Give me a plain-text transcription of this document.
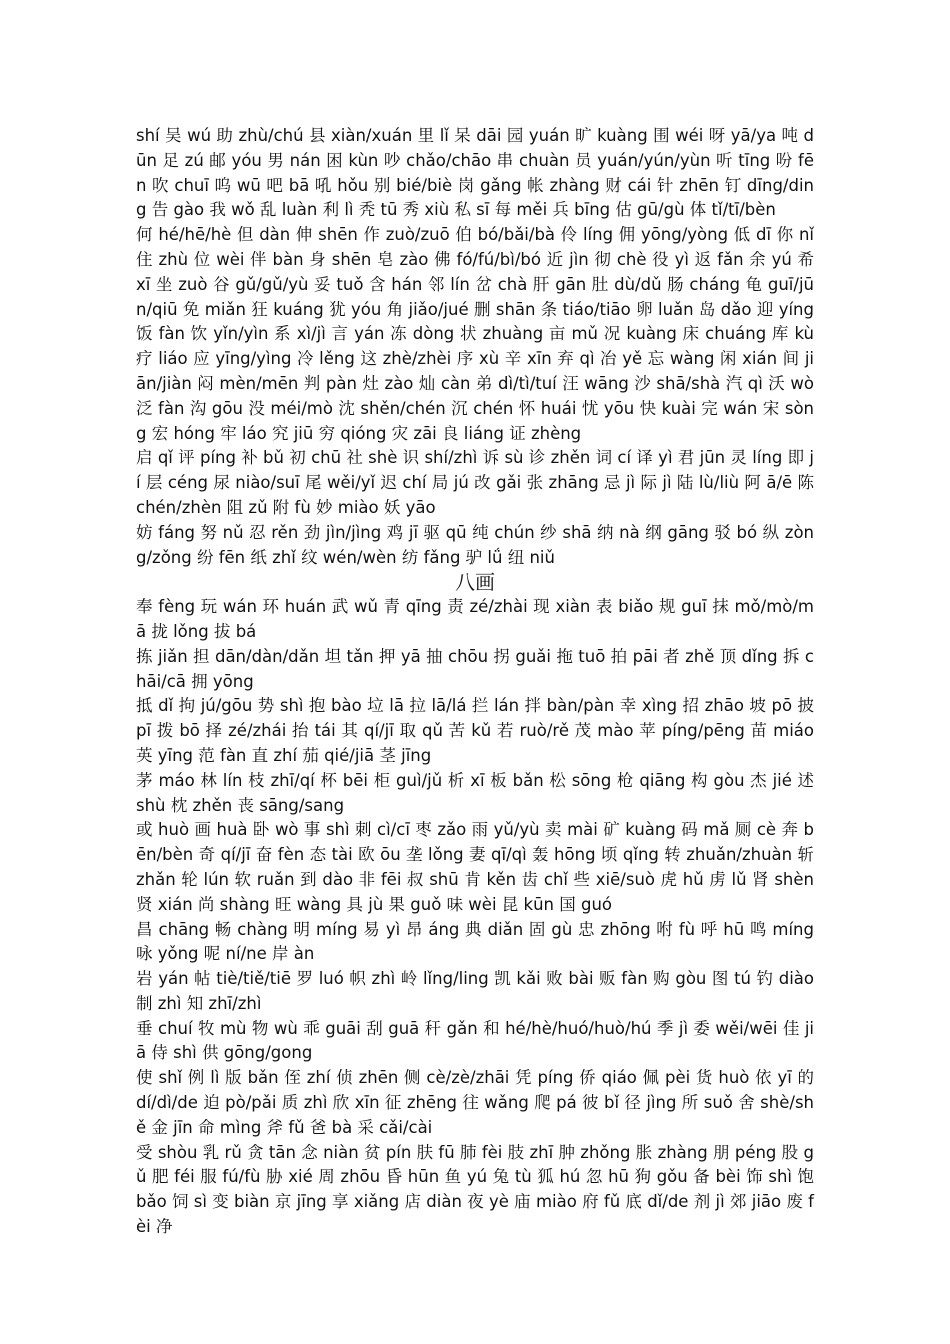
shí 吴 wú 助 zhù/chú 县 xiàn/xuán 里 lǐ 呆 dāi 园 yuán 旷 kuàng 围 wéi 呀 yā/ya 吨 dūn 足 zú 邮 yóu 男 nán 困 kùn 吵 chǎo/chāo 串 chuàn 员 yuán/yún/yùn 听 tīng 吩 fēn 吹 chuī 呜 wū 吧 bā 吼 hǒu 别 bié/biè 岗 gǎng 帐 zhàng 财 cái 针 zhēn 钉 dīng/ding 告 gào 我 wǒ 乱 luàn 利 lì 秃 tū 秀 xiù 私 sī 每 měi 兵 bīng 估 gū/gù 体 tǐ/tī/bèn

何 hé/hē/hè 但 dàn 伸 shēn 作 zuò/zuō 伯 bó/bǎi/bà 伶 líng 佣 yōng/yòng 低 dī 你 nǐ 住 zhù 位 wèi 伴 bàn 身 shēn 皂 zào 佛 fó/fú/bì/bó 近 jìn 彻 chè 役 yì 返 fǎn 余 yú 希 xī 坐 zuò 谷 gǔ/gǔ/yù 妥 tuǒ 含 hán 邻 lín 岔 chà 肝 gān 肚 dù/dǔ 肠 cháng 龟 guī/jūn/qiū 免 miǎn 狂 kuáng 犹 yóu 角 jiǎo/jué 删 shān 条 tiáo/tiāo 卵 luǎn 岛 dǎo 迎 yíng 饭 fàn 饮 yǐn/yìn 系 xì/jì 言 yán 冻 dòng 状 zhuàng 亩 mǔ 况 kuàng 床 chuáng 库 kù 疗 liáo 应 yīng/yìng 冷 lěng 这 zhè/zhèi 序 xù 辛 xīn 弃 qì 冶 yě 忘 wàng 闲 xián 间 jiān/jiàn 闷 mèn/mēn 判 pàn 灶 zào 灿 càn 弟 dì/tì/tuí 汪 wāng 沙 shā/shà 汽 qì 沃 wò 泛 fàn 沟 gōu 没 méi/mò 沈 shěn/chén 沉 chén 怀 huái 忧 yōu 快 kuài 完 wán 宋 sòng 宏 hóng 牢 láo 究 jiū 穷 qióng 灾 zāi 良 liáng 证 zhèng

启 qǐ 评 píng 补 bǔ 初 chū 社 shè 识 shí/zhì 诉 sù 诊 zhěn 词 cí 译 yì 君 jūn 灵 líng 即 jí 层 céng 尿 niào/suī 尾 wěi/yǐ 迟 chí 局 jú 改 gǎi 张 zhāng 忌 jì 际 jì 陆 lù/liù 阿 ā/ē 陈 chén/zhèn 阻 zǔ 附 fù 妙 miào 妖 yāo

妨 fáng 努 nǔ 忍 rěn 劲 jìn/jìng 鸡 jī 驱 qū 纯 chún 纱 shā 纳 nà 纲 gāng 驳 bó 纵 zòng/zǒng 纷 fēn 纸 zhǐ 纹 wén/wèn 纺 fǎng 驴 lǘ 纽 niǔ

八画

奉 fèng 玩 wán 环 huán 武 wǔ 青 qīng 责 zé/zhài 现 xiàn 表 biǎo 规 guī 抹 mǒ/mò/mā 拢 lǒng 拔 bá

拣 jiǎn 担 dān/dàn/dǎn 坦 tǎn 押 yā 抽 chōu 拐 guǎi 拖 tuō 拍 pāi 者 zhě 顶 dǐng 拆 chāi/cā 拥 yōng

抵 dǐ 拘 jú/gōu 势 shì 抱 bào 垃 lā 拉 lā/lá 拦 lán 拌 bàn/pàn 幸 xìng 招 zhāo 坡 pō 披 pī 拨 bō 择 zé/zhái 抬 tái 其 qí/jī 取 qǔ 苦 kǔ 若 ruò/rě 茂 mào 苹 píng/pēng 苗 miáo 英 yīng 范 fàn 直 zhí 茄 qié/jiā 茎 jīng

茅 máo 林 lín 枝 zhī/qí 杯 bēi 柜 guì/jǔ 析 xī 板 bǎn 松 sōng 枪 qiāng 构 gòu 杰 jié 述 shù 枕 zhěn 丧 sāng/sang

或 huò 画 huà 卧 wò 事 shì 刺 cì/cī 枣 zǎo 雨 yǔ/yù 卖 mài 矿 kuàng 码 mǎ 厕 cè 奔 bēn/bèn 奇 qí/jī 奋 fèn 态 tài 欧 ōu 垄 lǒng 妻 qī/qì 轰 hōng 顷 qǐng 转 zhuǎn/zhuàn 斩 zhǎn 轮 lún 软 ruǎn 到 dào 非 fēi 叔 shū 肯 kěn 齿 chǐ 些 xiē/suò 虎 hǔ 虏 lǔ 肾 shèn 贤 xián 尚 shàng 旺 wàng 具 jù 果 guǒ 味 wèi 昆 kūn 国 guó

昌 chāng 畅 chàng 明 míng 易 yì 昂 áng 典 diǎn 固 gù 忠 zhōng 咐 fù 呼 hū 鸣 míng 咏 yǒng 呢 ní/ne 岸 àn

岩 yán 帖 tiè/tiě/tiē 罗 luó 帜 zhì 岭 lǐng/ling 凯 kǎi 败 bài 贩 fàn 购 gòu 图 tú 钓 diào 制 zhì 知 zhī/zhì

垂 chuí 牧 mù 物 wù 乖 guāi 刮 guā 秆 gǎn 和 hé/hè/huó/huò/hú 季 jì 委 wěi/wēi 佳 jiā 侍 shì 供 gōng/gong

使 shǐ 例 lì 版 bǎn 侄 zhí 侦 zhēn 侧 cè/zè/zhāi 凭 píng 侨 qiáo 佩 pèi 货 huò 依 yī 的 dí/dì/de 迫 pò/pǎi 质 zhì 欣 xīn 征 zhēng 往 wǎng 爬 pá 彼 bǐ 径 jìng 所 suǒ 舍 shè/shě 金 jīn 命 mìng 斧 fǔ 爸 bà 采 cǎi/cài

受 shòu 乳 rǔ 贪 tān 念 niàn 贫 pín 肤 fū 肺 fèi 肢 zhī 肿 zhǒng 胀 zhàng 朋 péng 股 gǔ 肥 féi 服 fú/fù 胁 xié 周 zhōu 昏 hūn 鱼 yú 兔 tù 狐 hú 忽 hū 狗 gǒu 备 bèi 饰 shì 饱 bǎo 饲 sì 变 biàn 京 jīng 享 xiǎng 店 diàn 夜 yè 庙 miào 府 fǔ 底 dǐ/de 剂 jì 郊 jiāo 废 fèi 净
